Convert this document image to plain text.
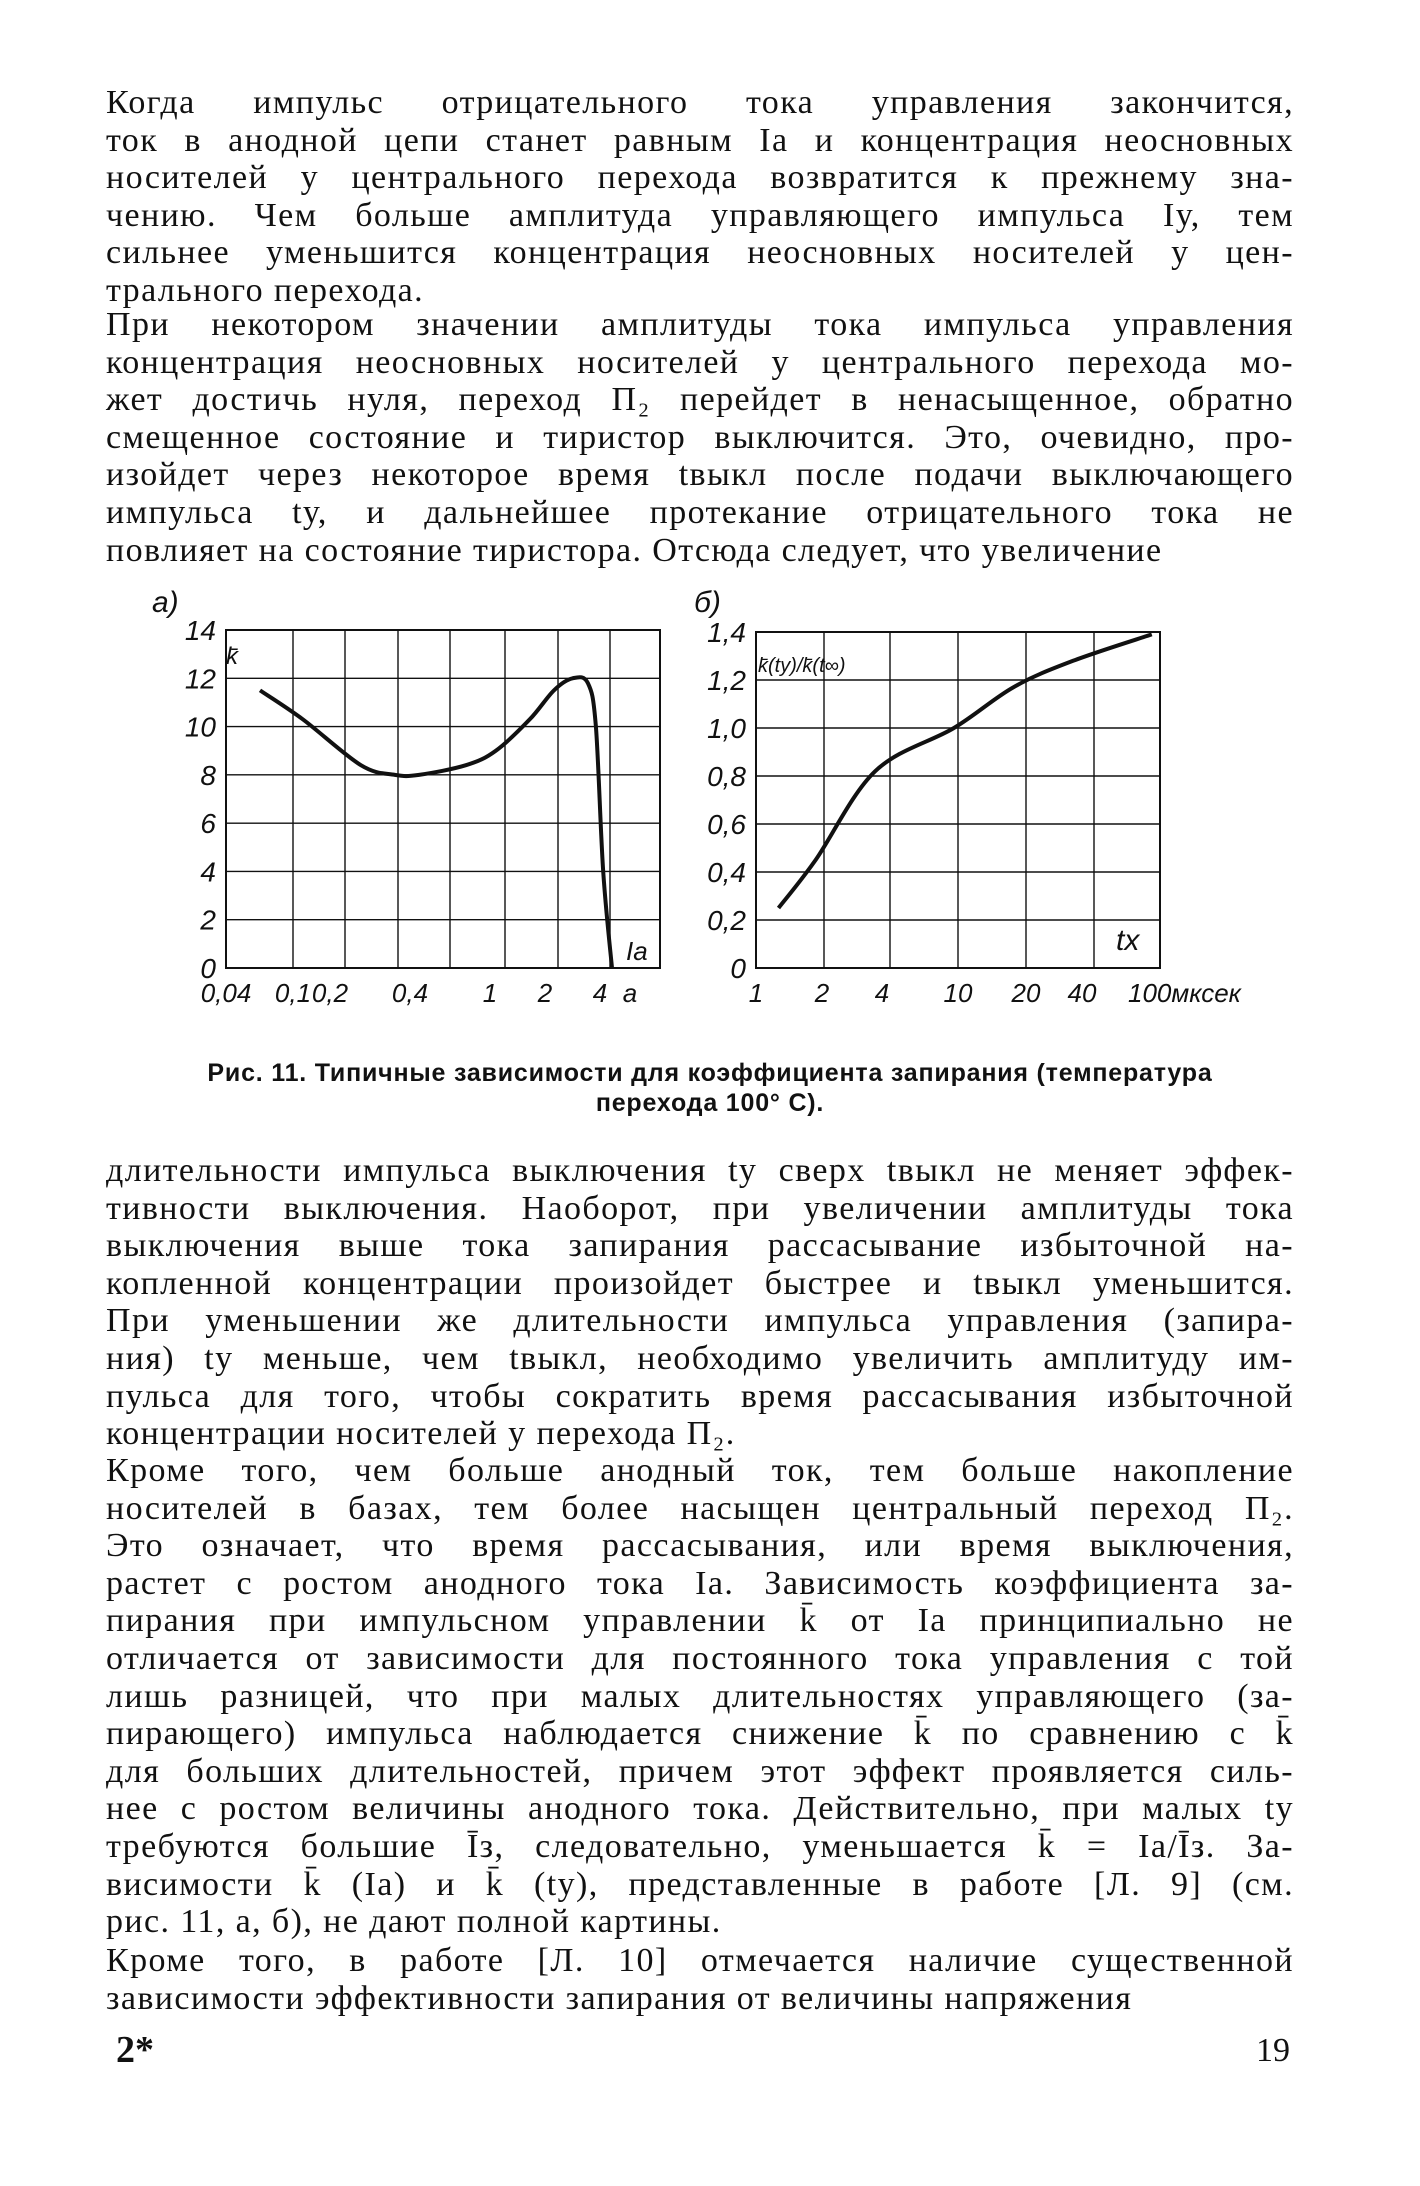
Когда импульс отрицательного тока управления закончится,
ток в анодной цепи станет равным Iа и концентрация неосновных
носителей у центрального перехода возвратится к прежнему зна-
чению. Чем больше амплитуда управляющего импульса Iу, тем
сильнее уменьшится концентрация неосновных носителей у цен-
трального перехода.
При некотором значении амплитуды тока импульса управления
концентрация неосновных носителей у центрального перехода мо-
жет достичь нуля, переход П₂ перейдет в ненасыщенное, обратно
смещенное состояние и тиристор выключится. Это, очевидно, про-
изойдет через некоторое время tвыкл после подачи выключающего
импульса tу, и дальнейшее протекание отрицательного тока не
повлияет на состояние тиристора. Отсюда следует, что увеличение
а)
0
2
4
6
8
10
12
14
0,04 0,1 0,2 0,4 1 2 4 а
k̄
Iа
б)
0
0,2
0,4
0,6
0,8
1,0
1,2
1,4
1 2 4 10 20 40 100мксек
k̄(tу)/k̄(t∞)
tх
Рис. 11. Типичные зависимости для коэффициента запирания (температура
перехода 100° С).
длительности импульса выключения tу сверх tвыкл не меняет эффек-
тивности выключения. Наоборот, при увеличении амплитуды тока
выключения выше тока запирания рассасывание избыточной на-
копленной концентрации произойдет быстрее и tвыкл уменьшится.
При уменьшении же длительности импульса управления (запира-
ния) tу меньше, чем tвыкл, необходимо увеличить амплитуду им-
пульса для того, чтобы сократить время рассасывания избыточной
концентрации носителей у перехода П₂.
Кроме того, чем больше анодный ток, тем больше накопление
носителей в базах, тем более насыщен центральный переход П₂.
Это означает, что время рассасывания, или время выключения,
растет с ростом анодного тока Iа. Зависимость коэффициента за-
пирания при импульсном управлении k̄ от Iа принципиально не
отличается от зависимости для постоянного тока управления с той
лишь разницей, что при малых длительностях управляющего (за-
пирающего) импульса наблюдается снижение k̄ по сравнению с k̄
для больших длительностей, причем этот эффект проявляется силь-
нее с ростом величины анодного тока. Действительно, при малых tу
требуются большие Īз, следовательно, уменьшается k̄ = Iа/Īз. За-
висимости k̄ (Iа) и k̄ (tу), представленные в работе [Л. 9] (см.
рис. 11, а, б), не дают полной картины.
Кроме того, в работе [Л. 10] отмечается наличие существенной
зависимости эффективности запирания от величины напряжения
2*	19
